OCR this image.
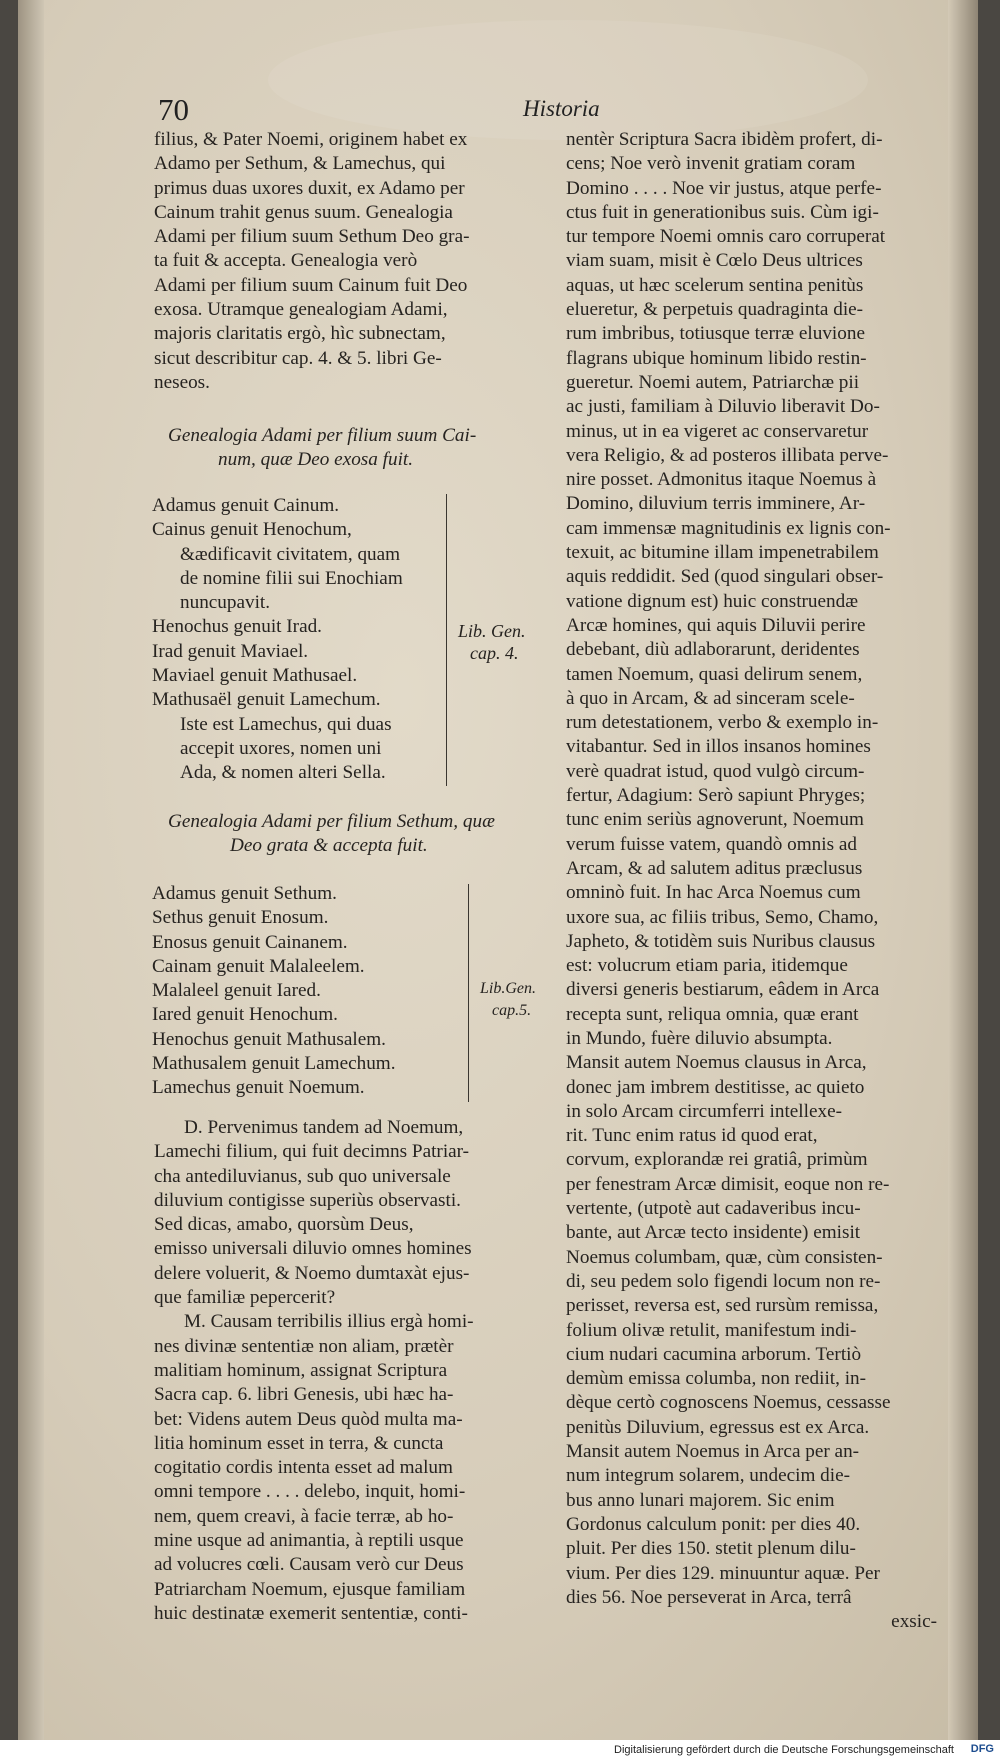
70	Historia
filius, & Pater Noemi, originem habet ex
Adamo per Sethum, & Lamechus, qui
primus duas uxores duxit, ex Adamo per
Cainum trahit genus suum. Genealogia
Adami per filium suum Sethum Deo gra-
ta fuit & accepta. Genealogia verò
Adami per filium suum Cainum fuit Deo
exosa. Utramque genealogiam Adami,
majoris claritatis ergò, hìc subnectam,
sicut describitur cap. 4. & 5. libri Ge-
neseos.
Genealogia Adami per filium suum Cai-
num, quæ Deo exosa fuit.
Adamus genuit Cainum.
Cainus genuit Henochum,
&ædificavit civitatem, quam
de nomine filii sui Enochiam
nuncupavit.
Henochus genuit Irad.
Irad genuit Maviael.
Maviael genuit Mathusael.
Mathusaël genuit Lamechum.
Iste est Lamechus, qui duas
accepit uxores, nomen uni
Ada, & nomen alteri Sella.
Lib. Gen.
cap. 4.
Genealogia Adami per filium Sethum, quæ
Deo grata & accepta fuit.
Adamus genuit Sethum.
Sethus genuit Enosum.
Enosus genuit Cainanem.
Cainam genuit Malaleelem.
Malaleel genuit Iared.
Iared genuit Henochum.
Henochus genuit Mathusalem.
Mathusalem genuit Lamechum.
Lamechus genuit Noemum.
Lib.Gen.
cap.5.
D. Pervenimus tandem ad Noemum,
Lamechi filium, qui fuit decimns Patriar-
cha antediluvianus, sub quo universale
diluvium contigisse superiùs observasti.
Sed dicas, amabo, quorsùm Deus,
emisso universali diluvio omnes homines
delere voluerit, & Noemo dumtaxàt ejus-
que familiæ pepercerit?
M. Causam terribilis illius ergà homi-
nes divinæ sententiæ non aliam, prætèr
malitiam hominum, assignat Scriptura
Sacra cap. 6. libri Genesis, ubi hæc ha-
bet: Videns autem Deus quòd multa ma-
litia hominum esset in terra, & cuncta
cogitatio cordis intenta esset ad malum
omni tempore . . . . delebo, inquit, homi-
nem, quem creavi, à facie terræ, ab ho-
mine usque ad animantia, à reptili usque
ad volucres cœli. Causam verò cur Deus
Patriarcham Noemum, ejusque familiam
huic destinatæ exemerit sententiæ, conti-
nentèr Scriptura Sacra ibidèm profert, di-
cens; Noe verò invenit gratiam coram
Domino . . . . Noe vir justus, atque perfe-
ctus fuit in generationibus suis. Cùm igi-
tur tempore Noemi omnis caro corruperat
viam suam, misit è Cœlo Deus ultrices
aquas, ut hæc scelerum sentina penitùs
elueretur, & perpetuis quadraginta die-
rum imbribus, totiusque terræ eluvione
flagrans ubique hominum libido restin-
gueretur. Noemi autem, Patriarchæ pii
ac justi, familiam à Diluvio liberavit Do-
minus, ut in ea vigeret ac conservaretur
vera Religio, & ad posteros illibata perve-
nire posset. Admonitus itaque Noemus à
Domino, diluvium terris imminere, Ar-
cam immensæ magnitudinis ex lignis con-
texuit, ac bitumine illam impenetrabilem
aquis reddidit. Sed (quod singulari obser-
vatione dignum est) huic construendæ
Arcæ homines, qui aquis Diluvii perire
debebant, diù adlaborarunt, deridentes
tamen Noemum, quasi delirum senem,
à quo in Arcam, & ad sinceram scele-
rum detestationem, verbo & exemplo in-
vitabantur. Sed in illos insanos homines
verè quadrat istud, quod vulgò circum-
fertur, Adagium: Serò sapiunt Phryges;
tunc enim seriùs agnoverunt, Noemum
verum fuisse vatem, quandò omnis ad
Arcam, & ad salutem aditus præclusus
omninò fuit. In hac Arca Noemus cum
uxore sua, ac filiis tribus, Semo, Chamo,
Japheto, & totidèm suis Nuribus clausus
est: volucrum etiam paria, itidemque
diversi generis bestiarum, eâdem in Arca
recepta sunt, reliqua omnia, quæ erant
in Mundo, fuère diluvio absumpta.
Mansit autem Noemus clausus in Arca,
donec jam imbrem destitisse, ac quieto
in solo Arcam circumferri intellexe-
rit. Tunc enim ratus id quod erat,
corvum, explorandæ rei gratiâ, primùm
per fenestram Arcæ dimisit, eoque non re-
vertente, (utpotè aut cadaveribus incu-
bante, aut Arcæ tecto insidente) emisit
Noemus columbam, quæ, cùm consisten-
di, seu pedem solo figendi locum non re-
perisset, reversa est, sed rursùm remissa,
folium olivæ retulit, manifestum indi-
cium nudari cacumina arborum. Tertiò
demùm emissa columba, non rediit, in-
dèque certò cognoscens Noemus, cessasse
penitùs Diluvium, egressus est ex Arca.
Mansit autem Noemus in Arca per an-
num integrum solarem, undecim die-
bus anno lunari majorem. Sic enim
Gordonus calculum ponit: per dies 40.
pluit. Per dies 150. stetit plenum dilu-
vium. Per dies 129. minuuntur aquæ. Per
dies 56. Noe perseverat in Arca, terrâ
exsic-
Digitalisierung gefördert durch die Deutsche Forschungsgemeinschaft DFG
